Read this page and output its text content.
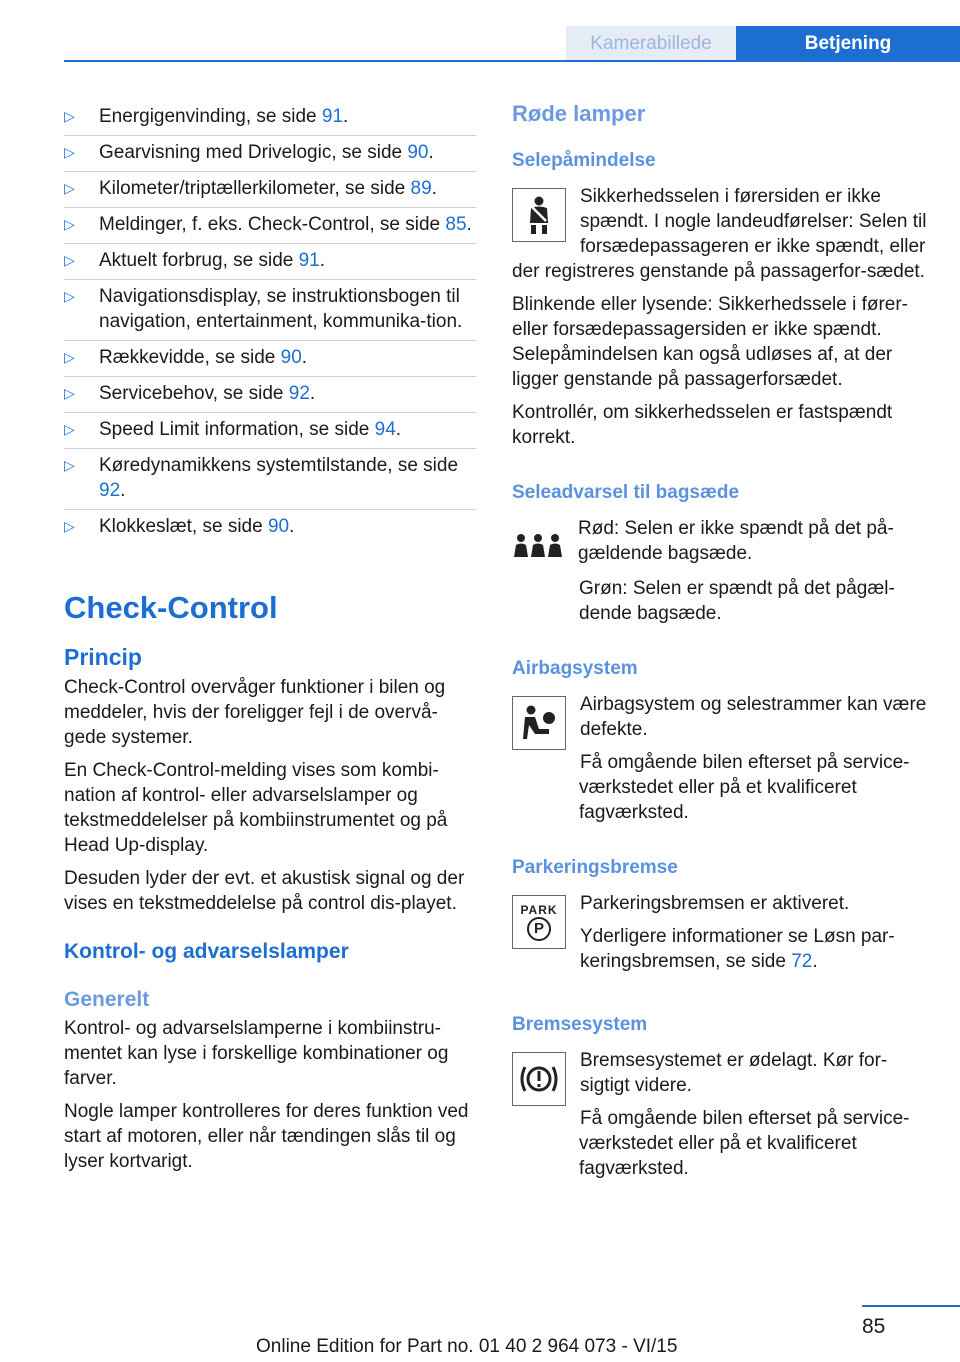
Kamerabillede	Betjening
▷ Energigenvinding, se side 91.
▷ Gearvisning med Drivelogic, se side 90.
▷ Kilometer/triptællerkilometer, se side 89.
▷ Meldinger, f. eks. Check-Control, se side 85.
▷ Aktuelt forbrug, se side 91.
▷ Navigationsdisplay, se instruktionsbogen til navigation, entertainment, kommunika‐tion.
▷ Rækkevidde, se side 90.
▷ Servicebehov, se side 92.
▷ Speed Limit information, se side 94.
▷ Køredynamikkens systemtilstande, se side 92.
▷ Klokkeslæt, se side 90.
Check-Control
Princip

Check-Control overvåger funktioner i bilen og meddeler, hvis der foreligger fejl i de overvå‐gede systemer.

En Check-Control-melding vises som kombi‐nation af kontrol- eller advarselslamper og tekstmeddelelser på kombiinstrumentet og på Head Up-display.

Desuden lyder der evt. et akustisk signal og der vises en tekstmeddelelse på control dis‐playet.

Kontrol- og advarselslamper
Generelt

Kontrol- og advarselslamperne i kombiinstru‐mentet kan lyse i forskellige kombinationer og farver.

Nogle lamper kontrolleres for deres funktion ved start af motoren, eller når tændingen slås til og lyser kortvarigt.

Røde lamper
Selepåmindelse

Sikkerhedsselen i førersiden er ikke spændt. I nogle landeudførelser: Selen til forsædepassageren er ikke spændt, eller der registreres genstande på passagerfor‐sædet.

Blinkende eller lysende: Sikkerhedssele i fører- eller forsædepassagersiden er ikke spændt. Selepåmindelsen kan også udløses af, at der ligger genstande på passagerforsædet.

Kontrollér, om sikkerhedsselen er fastspændt korrekt.

Seleadvarsel til bagsæde

Rød: Selen er ikke spændt på det på‐gældende bagsæde.

Grøn: Selen er spændt på det pågæl‐dende bagsæde.

Airbagsystem

Airbagsystem og selestrammer kan være defekte.

Få omgående bilen efterset på service‐værkstedet eller på et kvalificeret fagværksted.

Parkeringsbremse
PARK
P

Parkeringsbremsen er aktiveret.

Yderligere informationer se Løsn par‐keringsbremsen, se side 72.

Bremsesystem

Bremsesystemet er ødelagt. Kør for‐sigtigt videre.

Få omgående bilen efterset på service‐værkstedet eller på et kvalificeret fagværksted.

85
Online Edition for Part no. 01 40 2 964 073 - VI/15
